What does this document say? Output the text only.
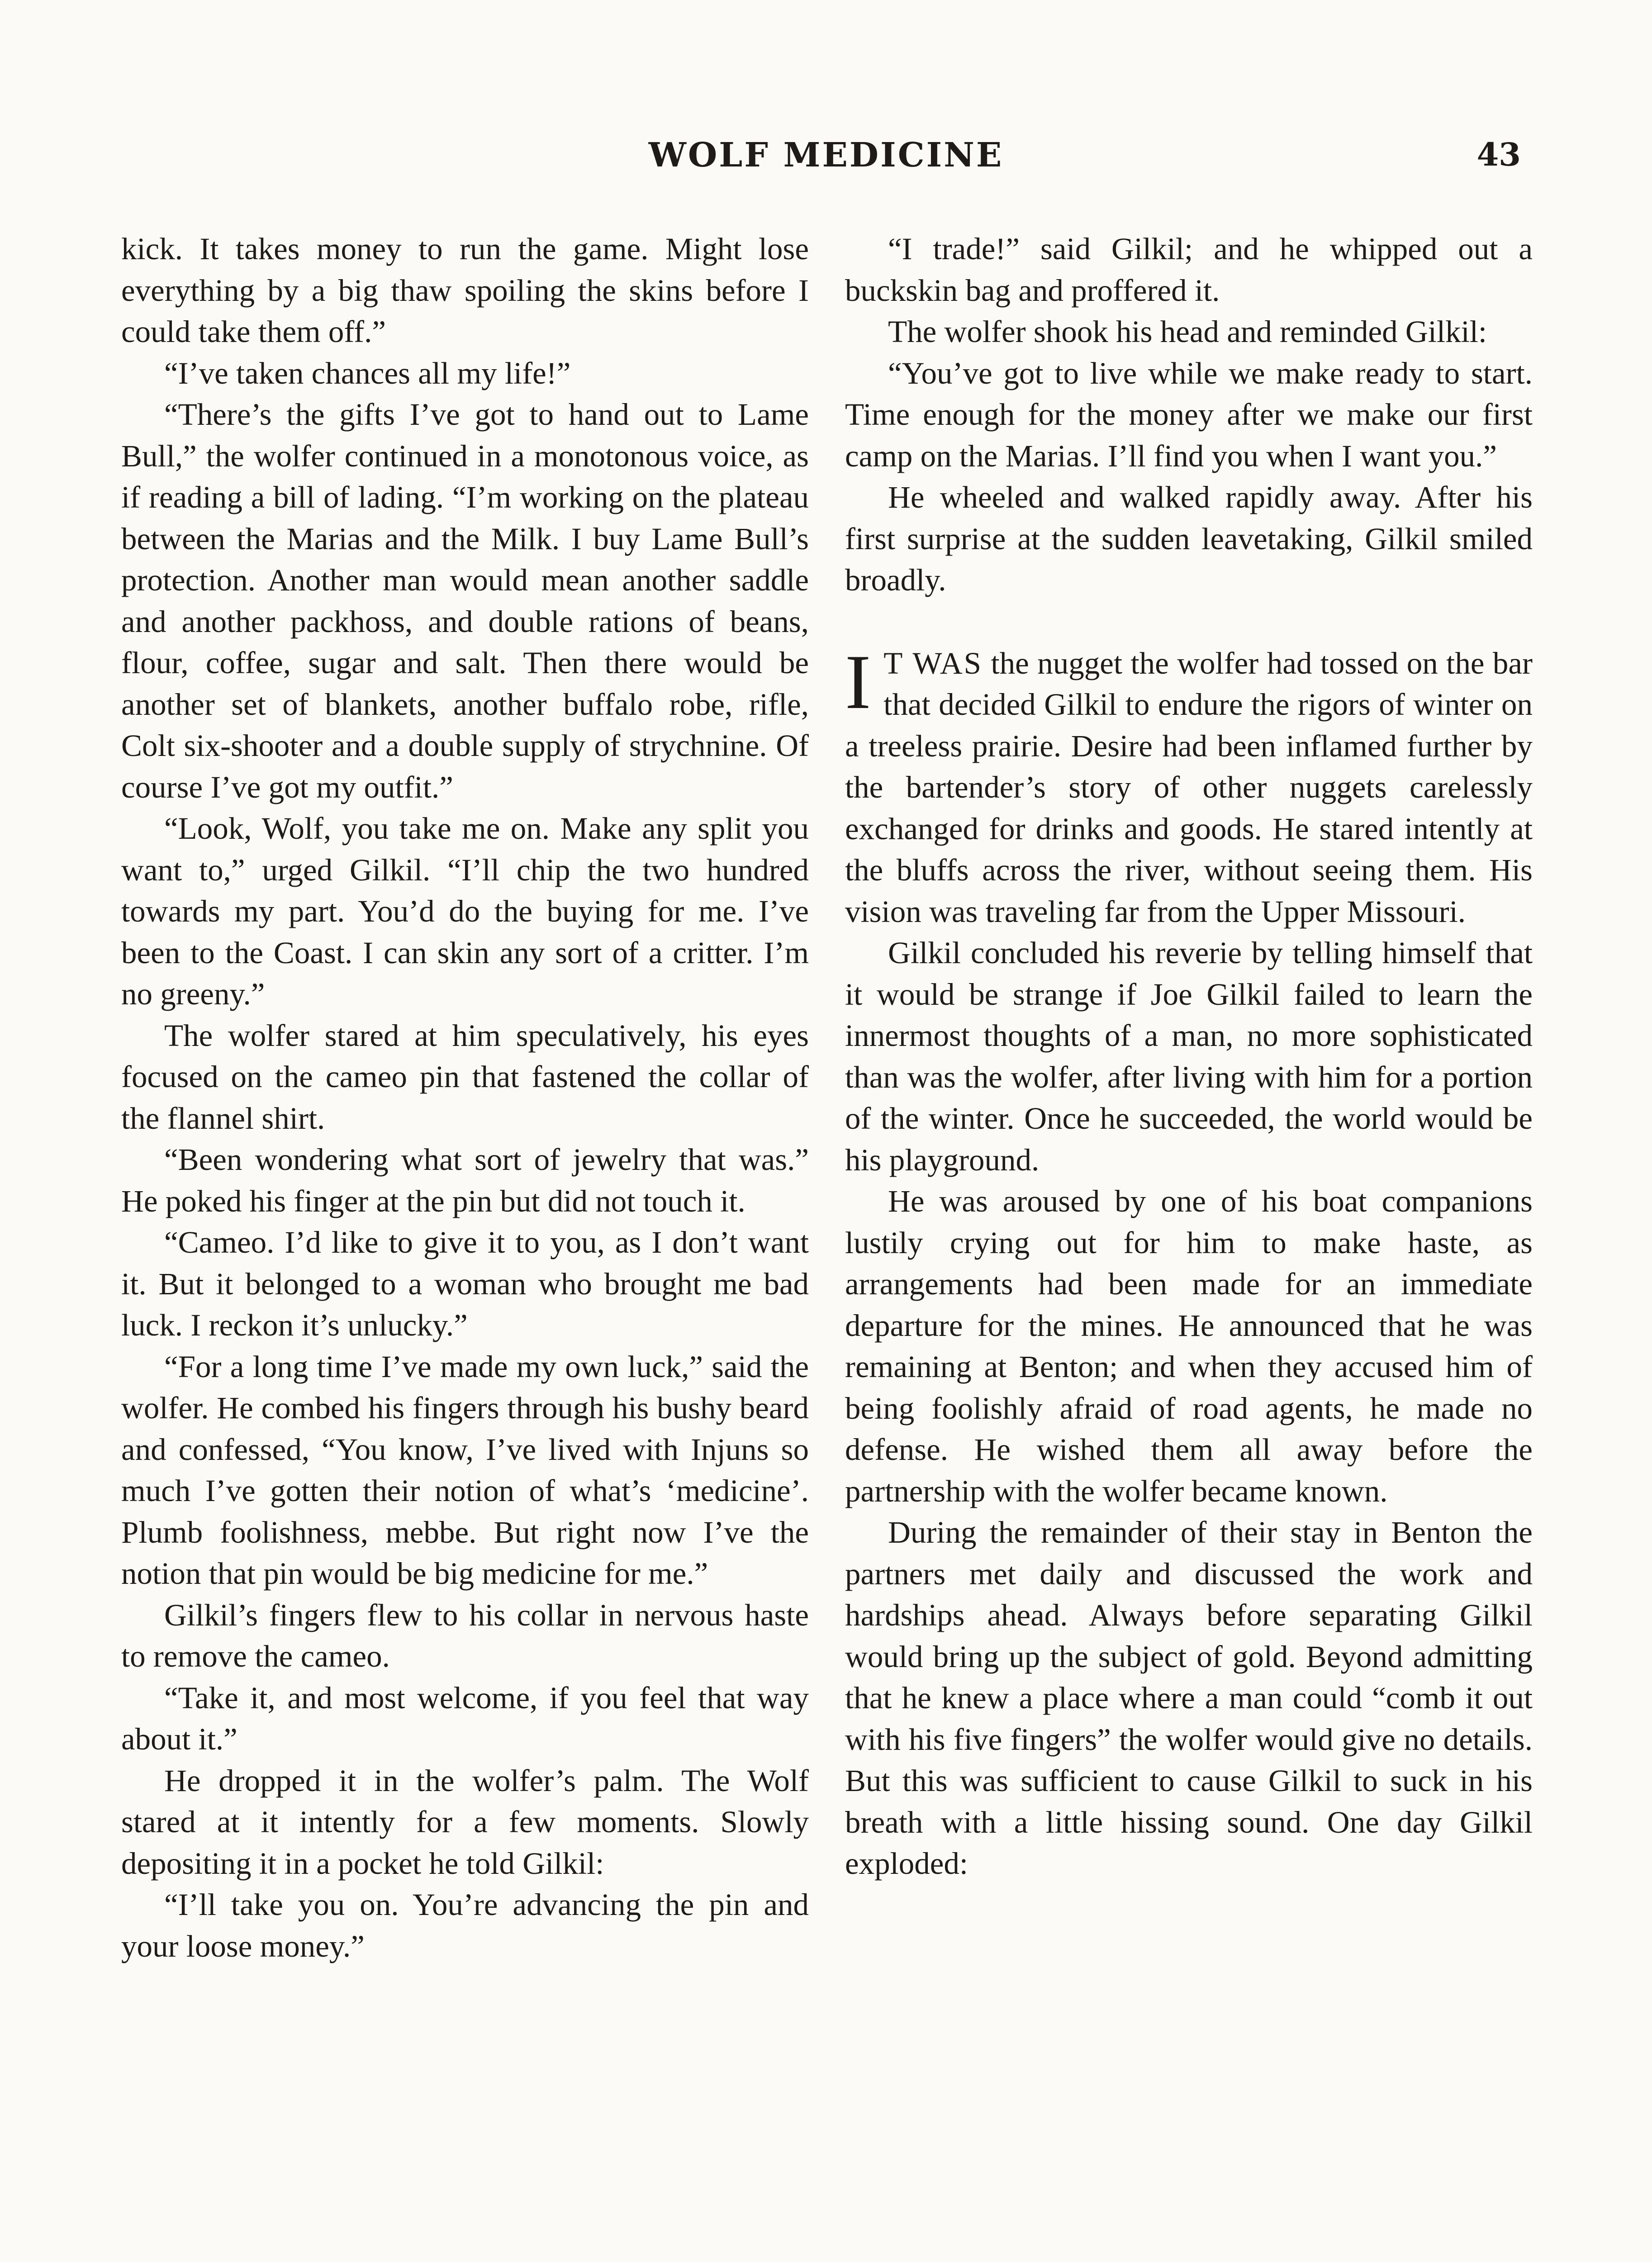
WOLF MEDICINE	43

kick. It takes money to run the game. Might lose everything by a big thaw spoiling the skins before I could take them off.”

“I’ve taken chances all my life!”

“There’s the gifts I’ve got to hand out to Lame Bull,” the wolfer continued in a monotonous voice, as if reading a bill of lading. “I’m working on the plateau between the Marias and the Milk. I buy Lame Bull’s protection. Another man would mean another saddle and another packhoss, and double rations of beans, flour, coffee, sugar and salt. Then there would be another set of blankets, another buffalo robe, rifle, Colt six-shooter and a double supply of strychnine. Of course I’ve got my outfit.”

“Look, Wolf, you take me on. Make any split you want to,” urged Gilkil. “I’ll chip the two hundred towards my part. You’d do the buying for me. I’ve been to the Coast. I can skin any sort of a critter. I’m no greeny.”

The wolfer stared at him speculatively, his eyes focused on the cameo pin that fastened the collar of the flannel shirt.

“Been wondering what sort of jewelry that was.” He poked his finger at the pin but did not touch it.

“Cameo. I’d like to give it to you, as I don’t want it. But it belonged to a woman who brought me bad luck. I reckon it’s unlucky.”

“For a long time I’ve made my own luck,” said the wolfer. He combed his fingers through his bushy beard and confessed, “You know, I’ve lived with Injuns so much I’ve gotten their notion of what’s ‘medicine’. Plumb foolishness, mebbe. But right now I’ve the notion that pin would be big medicine for me.”

Gilkil’s fingers flew to his collar in nervous haste to remove the cameo.

“Take it, and most welcome, if you feel that way about it.”

He dropped it in the wolfer’s palm. The Wolf stared at it intently for a few moments. Slowly depositing it in a pocket he told Gilkil:

“I’ll take you on. You’re advancing the pin and your loose money.”

“I trade!” said Gilkil; and he whipped out a buckskin bag and proffered it.

The wolfer shook his head and reminded Gilkil:

“You’ve got to live while we make ready to start. Time enough for the money after we make our first camp on the Marias. I’ll find you when I want you.”

He wheeled and walked rapidly away. After his first surprise at the sudden leavetaking, Gilkil smiled broadly.

I T WAS the nugget the wolfer had tossed on the bar that decided Gilkil to endure the rigors of winter on a treeless prairie. Desire had been inflamed further by the bartender’s story of other nuggets carelessly exchanged for drinks and goods. He stared intently at the bluffs across the river, without seeing them. His vision was traveling far from the Upper Missouri.

Gilkil concluded his reverie by telling himself that it would be strange if Joe Gilkil failed to learn the innermost thoughts of a man, no more sophisticated than was the wolfer, after living with him for a portion of the winter. Once he succeeded, the world would be his playground.

He was aroused by one of his boat companions lustily crying out for him to make haste, as arrangements had been made for an immediate departure for the mines. He announced that he was remaining at Benton; and when they accused him of being foolishly afraid of road agents, he made no defense. He wished them all away before the partnership with the wolfer became known.

During the remainder of their stay in Benton the partners met daily and discussed the work and hardships ahead. Always before separating Gilkil would bring up the subject of gold. Beyond admitting that he knew a place where a man could “comb it out with his five fingers” the wolfer would give no details. But this was sufficient to cause Gilkil to suck in his breath with a little hissing sound. One day Gilkil exploded:
